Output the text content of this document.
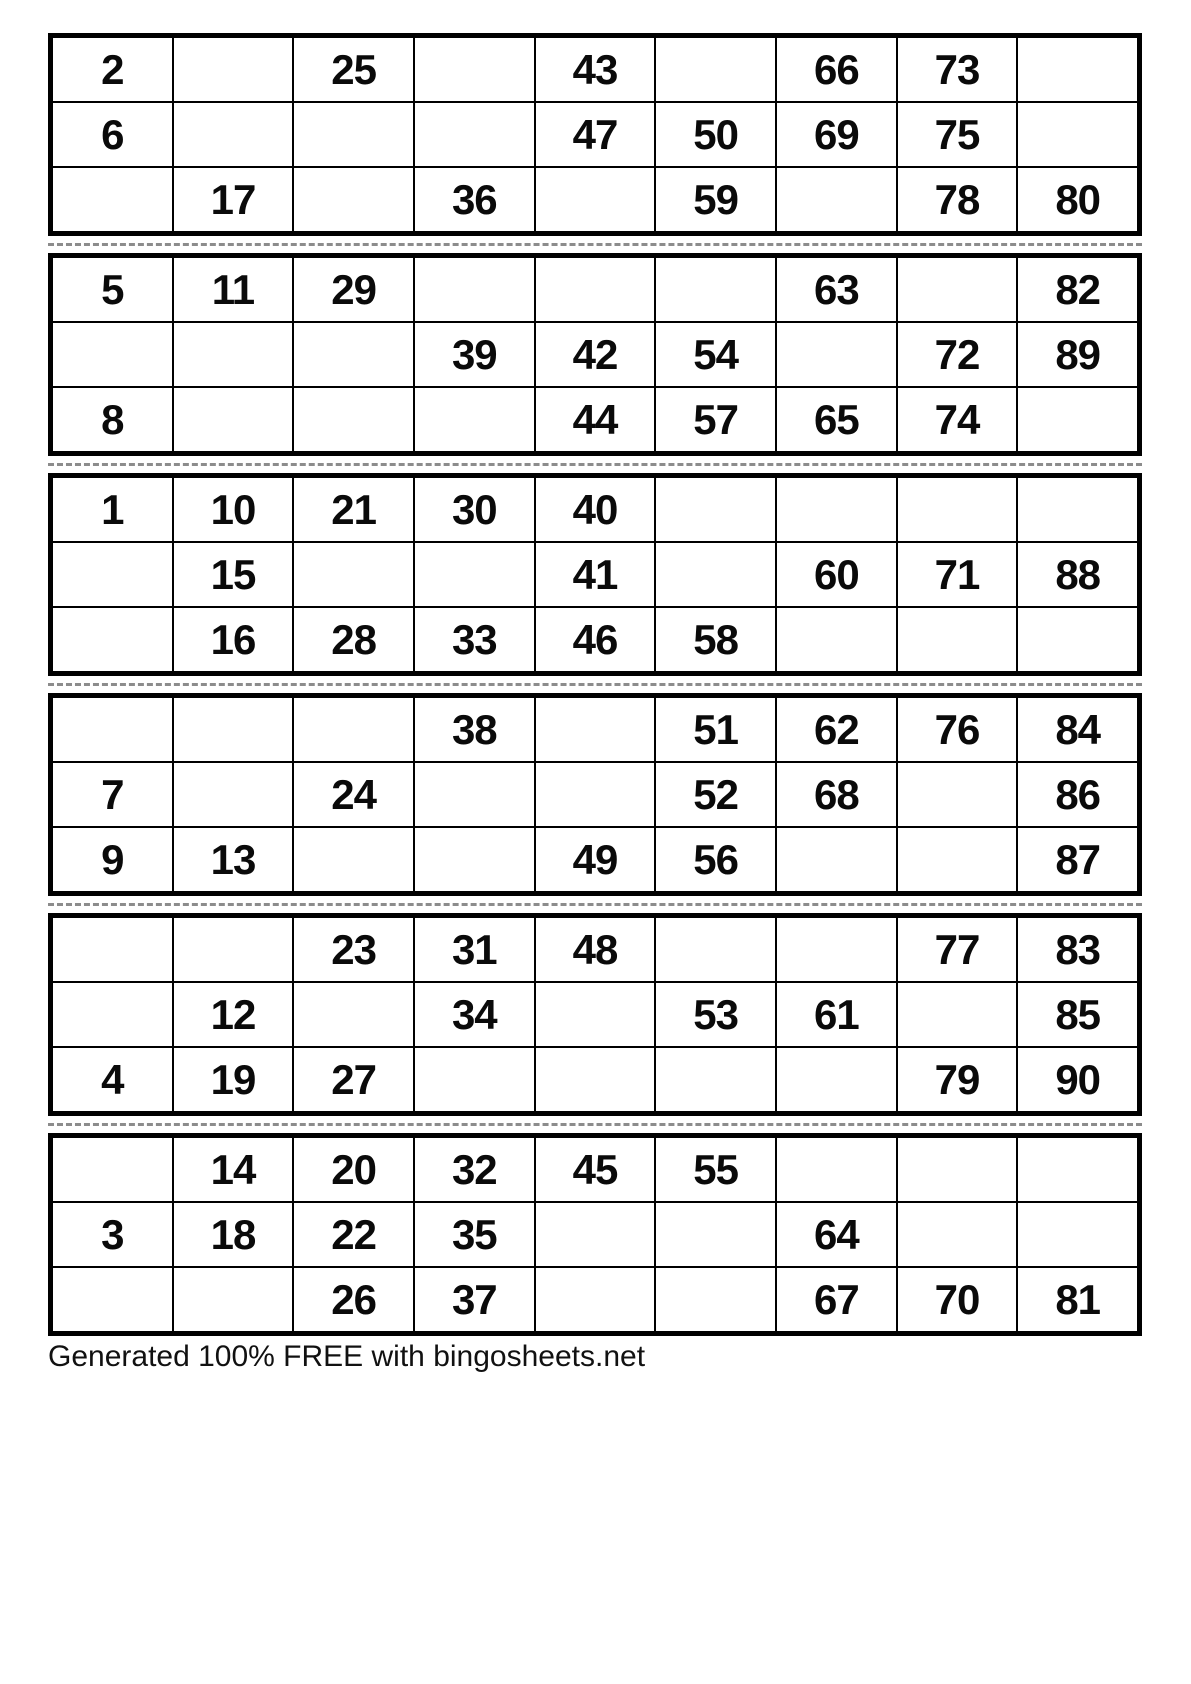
2		25		43		66	73	
6				47	50	69	75	
	17		36		59		78	80
5	11	29				63		82
			39	42	54		72	89
8				44	57	65	74	
1	10	21	30	40				
	15			41		60	71	88
	16	28	33	46	58			
			38		51	62	76	84
7		24			52	68		86
9	13			49	56			87
		23	31	48			77	83
	12		34		53	61		85
4	19	27					79	90
	14	20	32	45	55			
3	18	22	35			64		
		26	37			67	70	81
Generated 100% FREE with bingosheets.net
